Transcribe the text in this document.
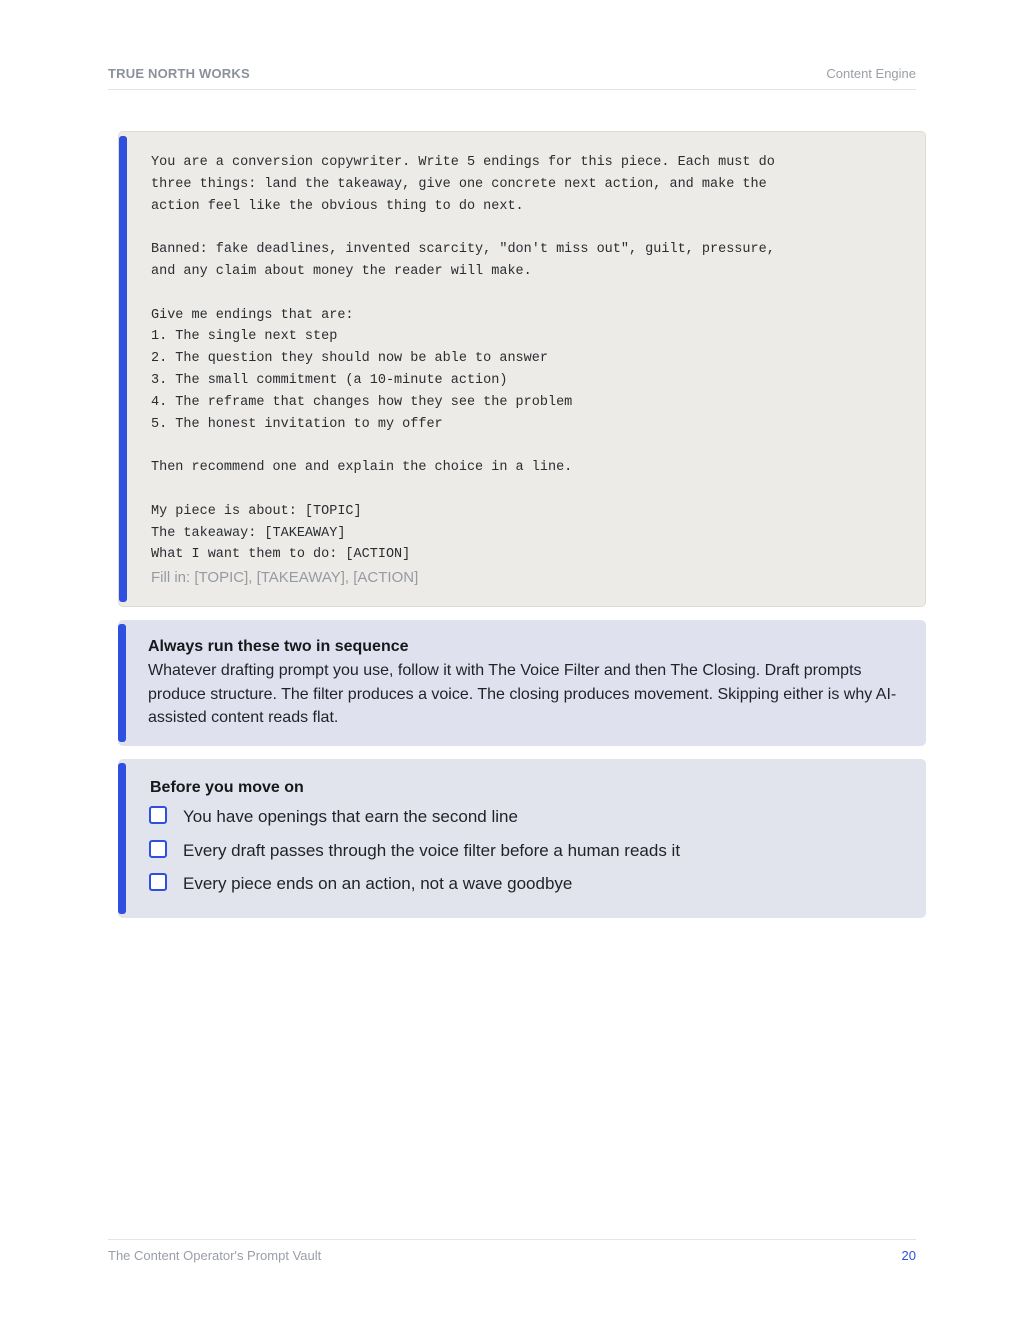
TRUE NORTH WORKS	Content Engine
You are a conversion copywriter. Write 5 endings for this piece. Each must do
three things: land the takeaway, give one concrete next action, and make the
action feel like the obvious thing to do next.

Banned: fake deadlines, invented scarcity, "don't miss out", guilt, pressure,
and any claim about money the reader will make.

Give me endings that are:
1. The single next step
2. The question they should now be able to answer
3. The small commitment (a 10-minute action)
4. The reframe that changes how they see the problem
5. The honest invitation to my offer

Then recommend one and explain the choice in a line.

My piece is about: [TOPIC]
The takeaway: [TAKEAWAY]
What I want them to do: [ACTION]
Fill in: [TOPIC], [TAKEAWAY], [ACTION]
Always run these two in sequence

Whatever drafting prompt you use, follow it with The Voice Filter and then The Closing. Draft prompts produce structure. The filter produces a voice. The closing produces movement. Skipping either is why AI-assisted content reads flat.

Before you move on
You have openings that earn the second line
Every draft passes through the voice filter before a human reads it
Every piece ends on an action, not a wave goodbye
The Content Operator's Prompt Vault	20
